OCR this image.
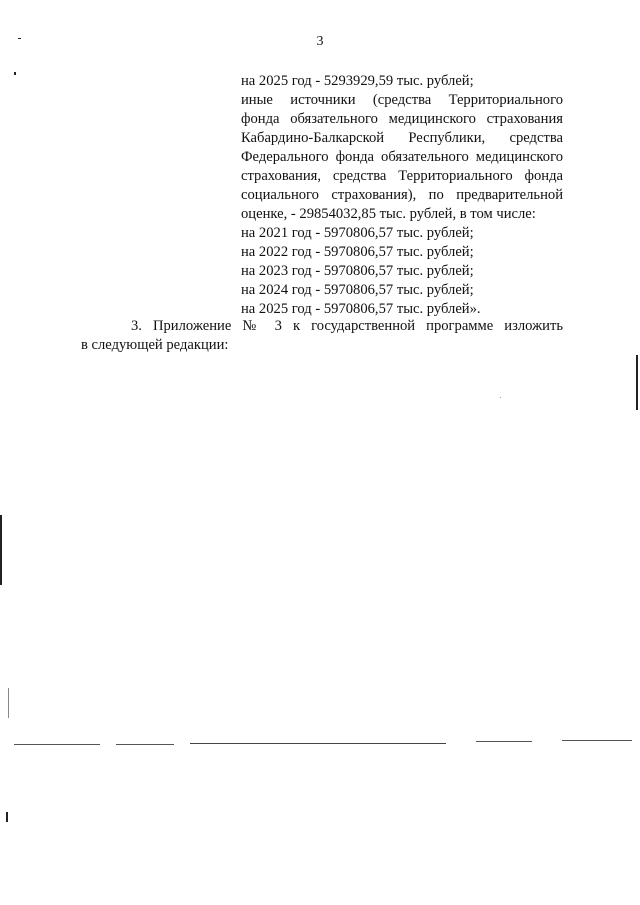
3
на 2025 год - 5293929,59 тыс. рублей;
иные источники (средства Территориального
фонда обязательного медицинского страхования
Кабардино-Балкарской Республики, средства
Федерального фонда обязательного медицинского
страхования, средства Территориального фонда
социального страхования), по предварительной
оценке, - 29854032,85 тыс. рублей, в том числе:
на 2021 год - 5970806,57 тыс. рублей;
на 2022 год - 5970806,57 тыс. рублей;
на 2023 год - 5970806,57 тыс. рублей;
на 2024 год - 5970806,57 тыс. рублей;
на 2025 год - 5970806,57 тыс. рублей».
3. Приложение № 3 к государственной программе изложить
в следующей редакции:
